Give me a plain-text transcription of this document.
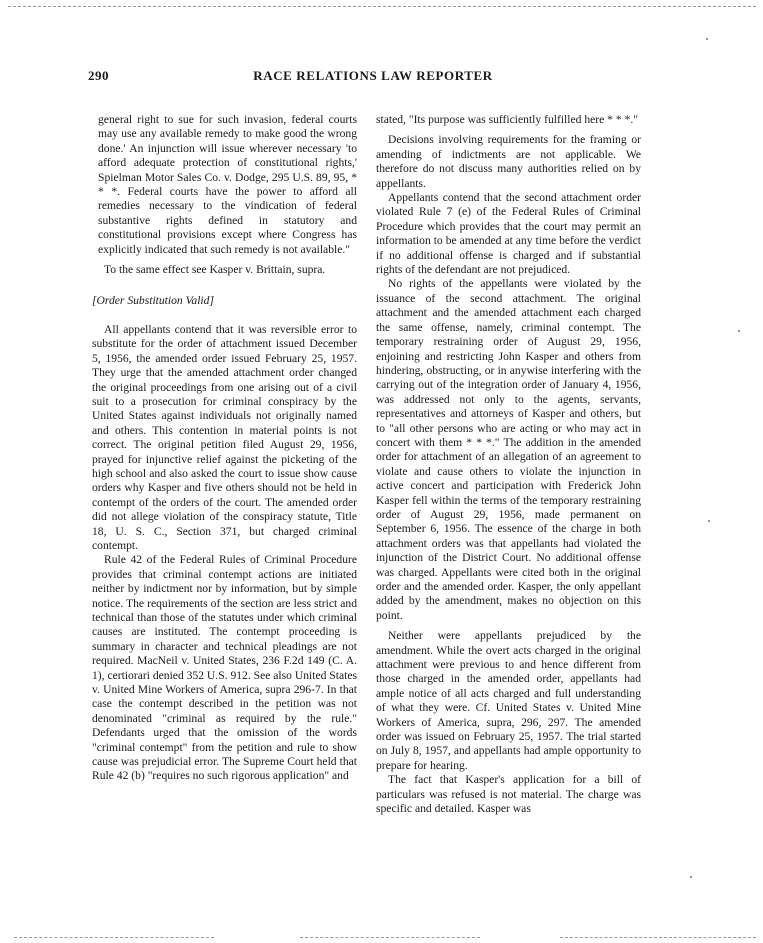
290	RACE RELATIONS LAW REPORTER

general right to sue for such invasion, federal courts may use any available remedy to make good the wrong done.' An injunction will issue wherever necessary 'to afford adequate protection of constitutional rights,' Spielman Motor Sales Co. v. Dodge, 295 U.S. 89, 95, * * *. Federal courts have the power to afford all remedies necessary to the vindication of federal substantive rights defined in statutory and constitutional provisions except where Congress has explicitly indicated that such remedy is not available."

To the same effect see Kasper v. Brittain, supra.

[Order Substitution Valid]

All appellants contend that it was reversible error to substitute for the order of attachment issued December 5, 1956, the amended order issued February 25, 1957. They urge that the amended attachment order changed the original proceedings from one arising out of a civil suit to a prosecution for criminal conspiracy by the United States against individuals not originally named and others. This contention in material points is not correct. The original petition filed August 29, 1956, prayed for injunctive relief against the picketing of the high school and also asked the court to issue show cause orders why Kasper and five others should not be held in contempt of the orders of the court. The amended order did not allege violation of the conspiracy statute, Title 18, U. S. C., Section 371, but charged criminal contempt.

Rule 42 of the Federal Rules of Criminal Procedure provides that criminal contempt actions are initiated neither by indictment nor by information, but by simple notice. The requirements of the section are less strict and technical than those of the statutes under which criminal causes are instituted. The contempt proceeding is summary in character and technical pleadings are not required. MacNeil v. United States, 236 F.2d 149 (C. A. 1), certiorari denied 352 U.S. 912. See also United States v. United Mine Workers of America, supra 296-7. In that case the contempt described in the petition was not denominated "criminal as required by the rule." Defendants urged that the omission of the words "criminal contempt" from the petition and rule to show cause was prejudicial error. The Supreme Court held that Rule 42 (b) "requires no such rigorous application" and

stated, "Its purpose was sufficiently fulfilled here * * *."

Decisions involving requirements for the framing or amending of indictments are not applicable. We therefore do not discuss many authorities relied on by appellants.

Appellants contend that the second attachment order violated Rule 7 (e) of the Federal Rules of Criminal Procedure which provides that the court may permit an information to be amended at any time before the verdict if no additional offense is charged and if substantial rights of the defendant are not prejudiced.

No rights of the appellants were violated by the issuance of the second attachment. The original attachment and the amended attachment each charged the same offense, namely, criminal contempt. The temporary restraining order of August 29, 1956, enjoining and restricting John Kasper and others from hindering, obstructing, or in anywise interfering with the carrying out of the integration order of January 4, 1956, was addressed not only to the agents, servants, representatives and attorneys of Kasper and others, but to "all other persons who are acting or who may act in concert with them * * *." The addition in the amended order for attachment of an allegation of an agreement to violate and cause others to violate the injunction in active concert and participation with Frederick John Kasper fell within the terms of the temporary restraining order of August 29, 1956, made permanent on September 6, 1956. The essence of the charge in both attachment orders was that appellants had violated the injunction of the District Court. No additional offense was charged. Appellants were cited both in the original order and the amended order. Kasper, the only appellant added by the amendment, makes no objection on this point.

Neither were appellants prejudiced by the amendment. While the overt acts charged in the original attachment were previous to and hence different from those charged in the amended order, appellants had ample notice of all acts charged and full understanding of what they were. Cf. United States v. United Mine Workers of America, supra, 296, 297. The amended order was issued on February 25, 1957. The trial started on July 8, 1957, and appellants had ample opportunity to prepare for hearing.

The fact that Kasper's application for a bill of particulars was refused is not material. The charge was specific and detailed. Kasper was
